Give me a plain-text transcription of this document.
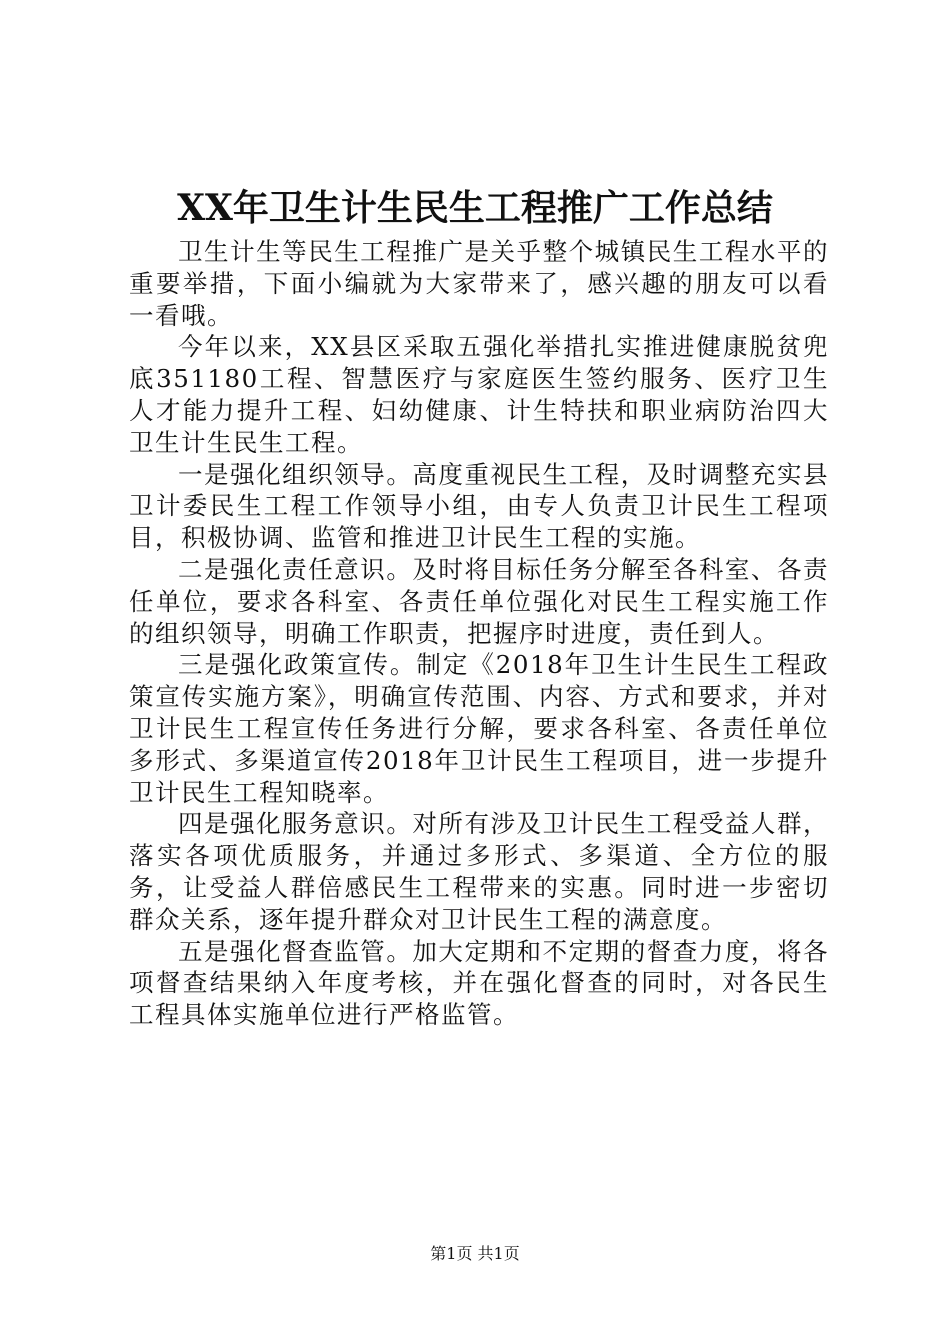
XX年卫生计生民生工程推广工作总结

卫生计生等民生工程推广是关乎整个城镇民生工程水平的重要举措，下面小编就为大家带来了，感兴趣的朋友可以看一看哦。

今年以来，XX县区采取五强化举措扎实推进健康脱贫兜底351180工程、智慧医疗与家庭医生签约服务、医疗卫生人才能力提升工程、妇幼健康、计生特扶和职业病防治四大卫生计生民生工程。

一是强化组织领导。高度重视民生工程，及时调整充实县卫计委民生工程工作领导小组，由专人负责卫计民生工程项目，积极协调、监管和推进卫计民生工程的实施。

二是强化责任意识。及时将目标任务分解至各科室、各责任单位，要求各科室、各责任单位强化对民生工程实施工作的组织领导，明确工作职责，把握序时进度，责任到人。

三是强化政策宣传。制定《2018年卫生计生民生工程政策宣传实施方案》，明确宣传范围、内容、方式和要求，并对卫计民生工程宣传任务进行分解，要求各科室、各责任单位多形式、多渠道宣传2018年卫计民生工程项目，进一步提升卫计民生工程知晓率。

四是强化服务意识。对所有涉及卫计民生工程受益人群，落实各项优质服务，并通过多形式、多渠道、全方位的服务，让受益人群倍感民生工程带来的实惠。同时进一步密切群众关系，逐年提升群众对卫计民生工程的满意度。

五是强化督查监管。加大定期和不定期的督查力度，将各项督查结果纳入年度考核，并在强化督查的同时，对各民生工程具体实施单位进行严格监管。

第1页 共1页
